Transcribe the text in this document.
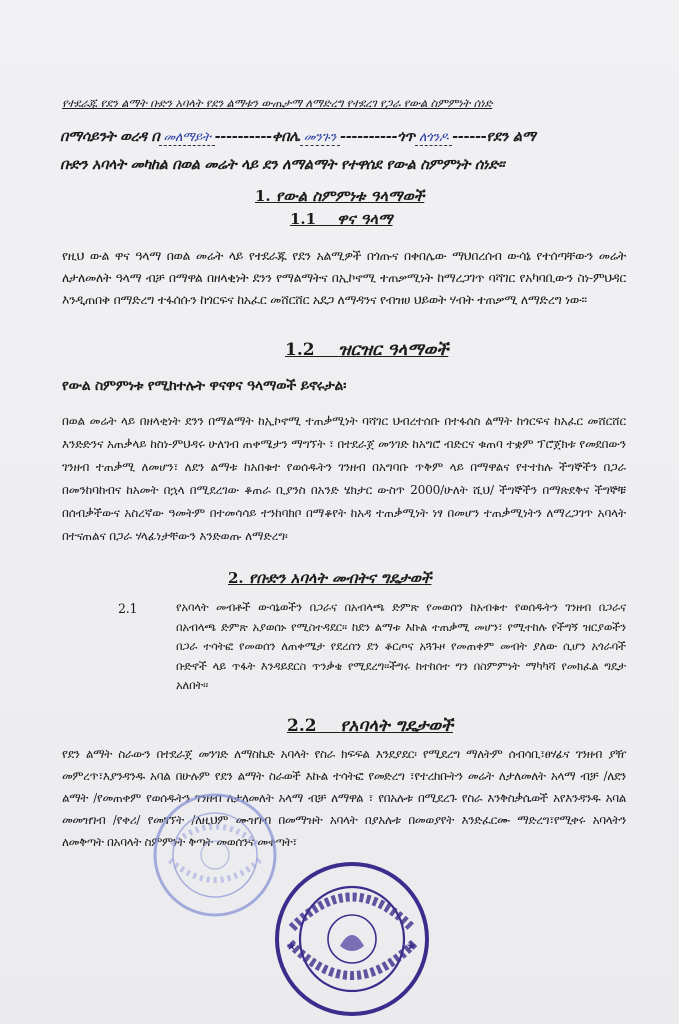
የተደራጁ የደን ልማት ቡድን አባላት የደን ልማቱን ውጤታማ ለማድረግ የተደረገ የጋራ የውል ስምምነት ሰነድ
በማሳይንት ወረዳ በ መለማይት ----------ቀበሌ መንጉን ----------ጎጥ ለጎንዶ ------የደን ልማ
ቡድን አባላት መካከል በወል መሬት ላይ ደን ለማልማት የተዋሰደ የውል ስምምነት ሰነድ፡፡
1. የውል ስምምነቱ ዓላማወች
1.1 ዋና ዓላማ
የዚህ ውል ዋና ዓላማ በወል መሬት ላይ የተደራጁ የደን አልሚዎች በጎጡና በቀበሌው ማህበረሰብ ውሳኔ የተሰጣቸውን መሬት ለታለመለት ዓላማ ብቻ በማዋል በዘላቂነት ደንን የማልማትና በኢኮኖሚ ተጠቃሚነት ከማረጋገጥ ባሻገር የአካባቢውን ስነ-ምህዳር እንዲጠበቅ በማድረግ ተፋሰሱን ከጎርፍና ከአፈር መሸርሸር አደጋ ለማዳንና የብዝሀ ህይወት ሃብት ተጠቃሚ ለማድረግ ነው፡፡
1.2 ዝርዝር ዓላማወች
የውል ስምምነቱ የሚከተሉት ዋናዋና ዓላማወች ይኖሩታል፡
በወል መሬት ላይ በዘላቂነት ደንን በማልማት ከኢኮኖሚ ተጠቃሚነት ባሻገር ህብረተሰቡ በተፋሰስ ልማት ከጎርፍና ከአፈር መሸርሸር እንድድንና አጠቃላይ ከስነ-ምህዳሩ ሁለገብ ጠቀሜታን ማግኘት ፣ በተደራጀ መንገድ ከአግሮ ብድርና ቁጠባ ተቋም ፕሮጀክቱ የመደበውን ገንዘብ ተጠቃሚ ለመሆን፣ ለደን ልማቱ ከአበቁተ የወሰዱትን ገንዘብ በአግባቡ ጥቅም ላይ በማዋልና የተተከሉ ችግኞችን በጋራ በመንከባከብና ከአመት በኋላ በሚደረገው ቆጠራ ቢያንስ በአንድ ሄክታር ውስጥ 2000/ሁለት ሺህ/ ችግኞችን በማጽደቅና ችግኞቹ በሰብቃችውና አስረኛው ዓመትም በተመሳሳይ ተንከባክቦ በማቆየት ከአዳ ተጠቃሚነት ነፃ በመሆን ተጠቃሚነትን ለማረጋገጥ አባላት በተናጠልና በጋራ ሃላፊነታቸውን እንድወጡ ለማድረግ፡
2. የቡድን አባላት መብትና ግዴታወች
2.1	የአባላት መብቶች ውሳኔወችን በጋራና በአብላጫ ድምጽ የመወሰን ከአብቁተ የወሰዱትን ገንዘብ በጋራና በአብላጫ ድምጽ አያወሰኑ የሚስተዳደር፡፡ ከደን ልማቱ እኩል ተጠቃሚ መሆን፣ የሚተከሉ የችግኝ ዝርያወችን በጋራ ተሳትፎ የመወሰን ለጠቀሜታ የደረሰን ደን ቆርጦና አጓጉዞ የመጠቀም መብት ያለው ሲሆን አጎራባች ቡድኖች ላይ ጥፋት እንዳይደርስ ጥንቃቄ የሚደረግ፡፡ችግሩ ከተከሰተ ግን በስምምነት ማካካሻ የመክፈል ግዴታ አለበት፡፡
2.2 የአባላት ግዴታወች
የደን ልማት ስራውን በተደራጀ መንገድ ለማስኬድ አባላት የስራ ክፍፍል እንደያደር፡ የሚደረግ ማለትም ሰብሳቢ፣ፀሃፊና ገንዘብ ያዥ መምረጥ፣እያንዳንዱ አባል በሁሉም የደን ልማት ስራወች እኩል ተሳትፎ የመድረግ ፣የተረከቡትን መሬት ለታለመለት አላማ ብቻ /ለደን ልማት /የመጠቀም የወሰዱትን ገንዘብ ለታለመለት አላማ ብቻ ለማዋል ፣ የበአሉቱ በሚደረጉ የስራ እንቅስቃሴወች አየእንዳንዱ አባል መመዝገብ /የቀሪ/ የመገኘት /ለዚህም ሙዝገብ በመማዝት አባላት በያአሉቱ በመወያየት እንድፈርሙ ማድረግ፣የሚቀሩ አባላትን ለመቅጣት በአባላት ስምምነት ቅጣት መወሰንና መቀጣት፣
★	★
